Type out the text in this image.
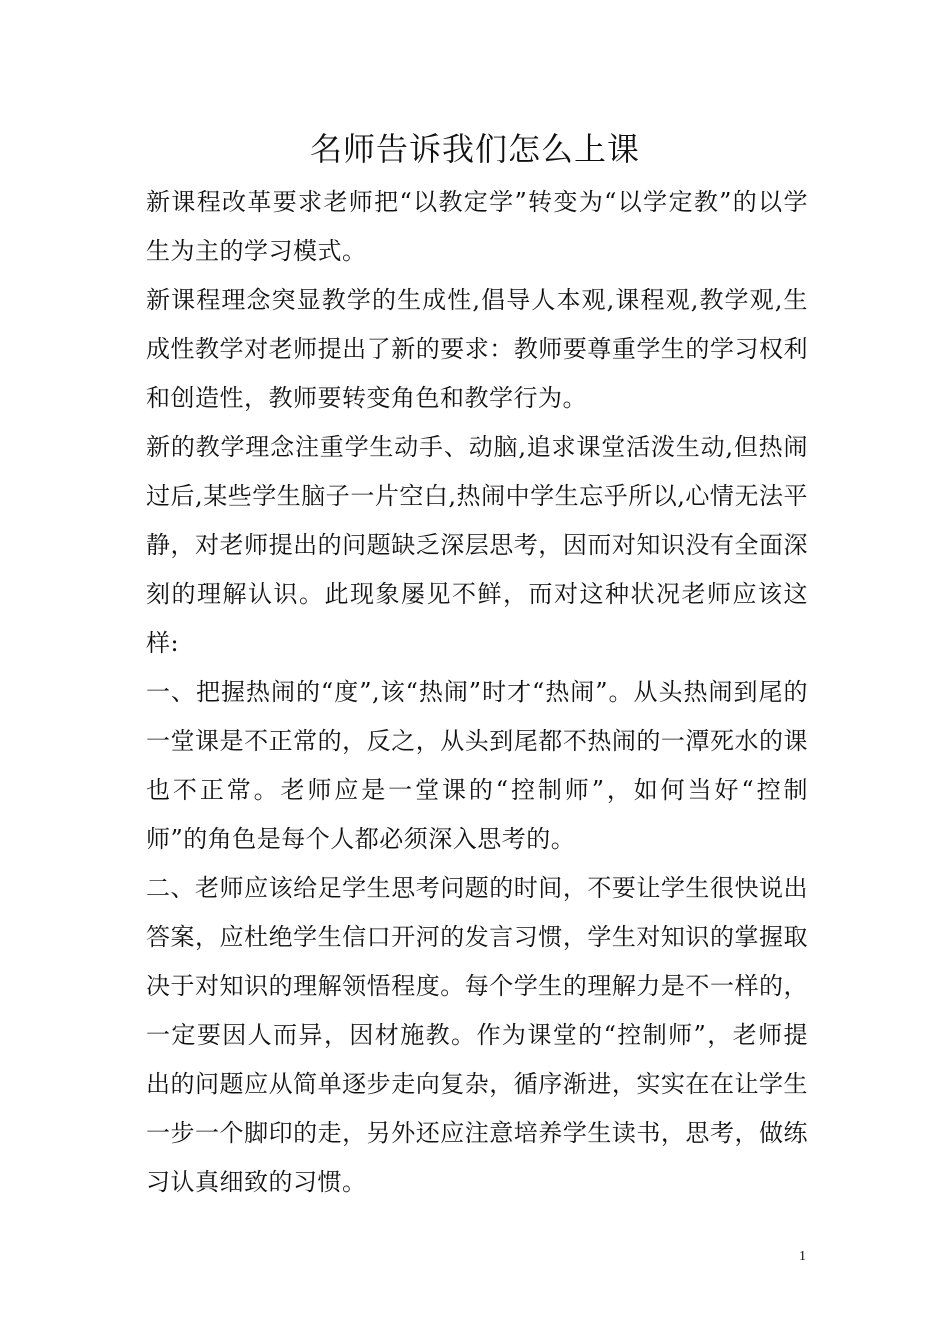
名师告诉我们怎么上课

新课程改革要求老师把“以教定学”转变为“以学定教”的以学生为主的学习模式。

新课程理念突显教学的生成性,倡导人本观,课程观,教学观,生成性教学对老师提出了新的要求：教师要尊重学生的学习权利和创造性，教师要转变角色和教学行为。

新的教学理念注重学生动手、动脑,追求课堂活泼生动,但热闹过后,某些学生脑子一片空白,热闹中学生忘乎所以,心情无法平静，对老师提出的问题缺乏深层思考，因而对知识没有全面深刻的理解认识。此现象屡见不鲜，而对这种状况老师应该这样:

一、把握热闹的“度”,该“热闹”时才“热闹”。从头热闹到尾的一堂课是不正常的，反之，从头到尾都不热闹的一潭死水的课也不正常。老师应是一堂课的“控制师”，如何当好“控制师”的角色是每个人都必须深入思考的。

二、老师应该给足学生思考问题的时间，不要让学生很快说出答案，应杜绝学生信口开河的发言习惯，学生对知识的掌握取决于对知识的理解领悟程度。每个学生的理解力是不一样的，一定要因人而异，因材施教。作为课堂的“控制师”，老师提出的问题应从简单逐步走向复杂，循序渐进，实实在在让学生一步一个脚印的走，另外还应注意培养学生读书，思考，做练习认真细致的习惯。

1
